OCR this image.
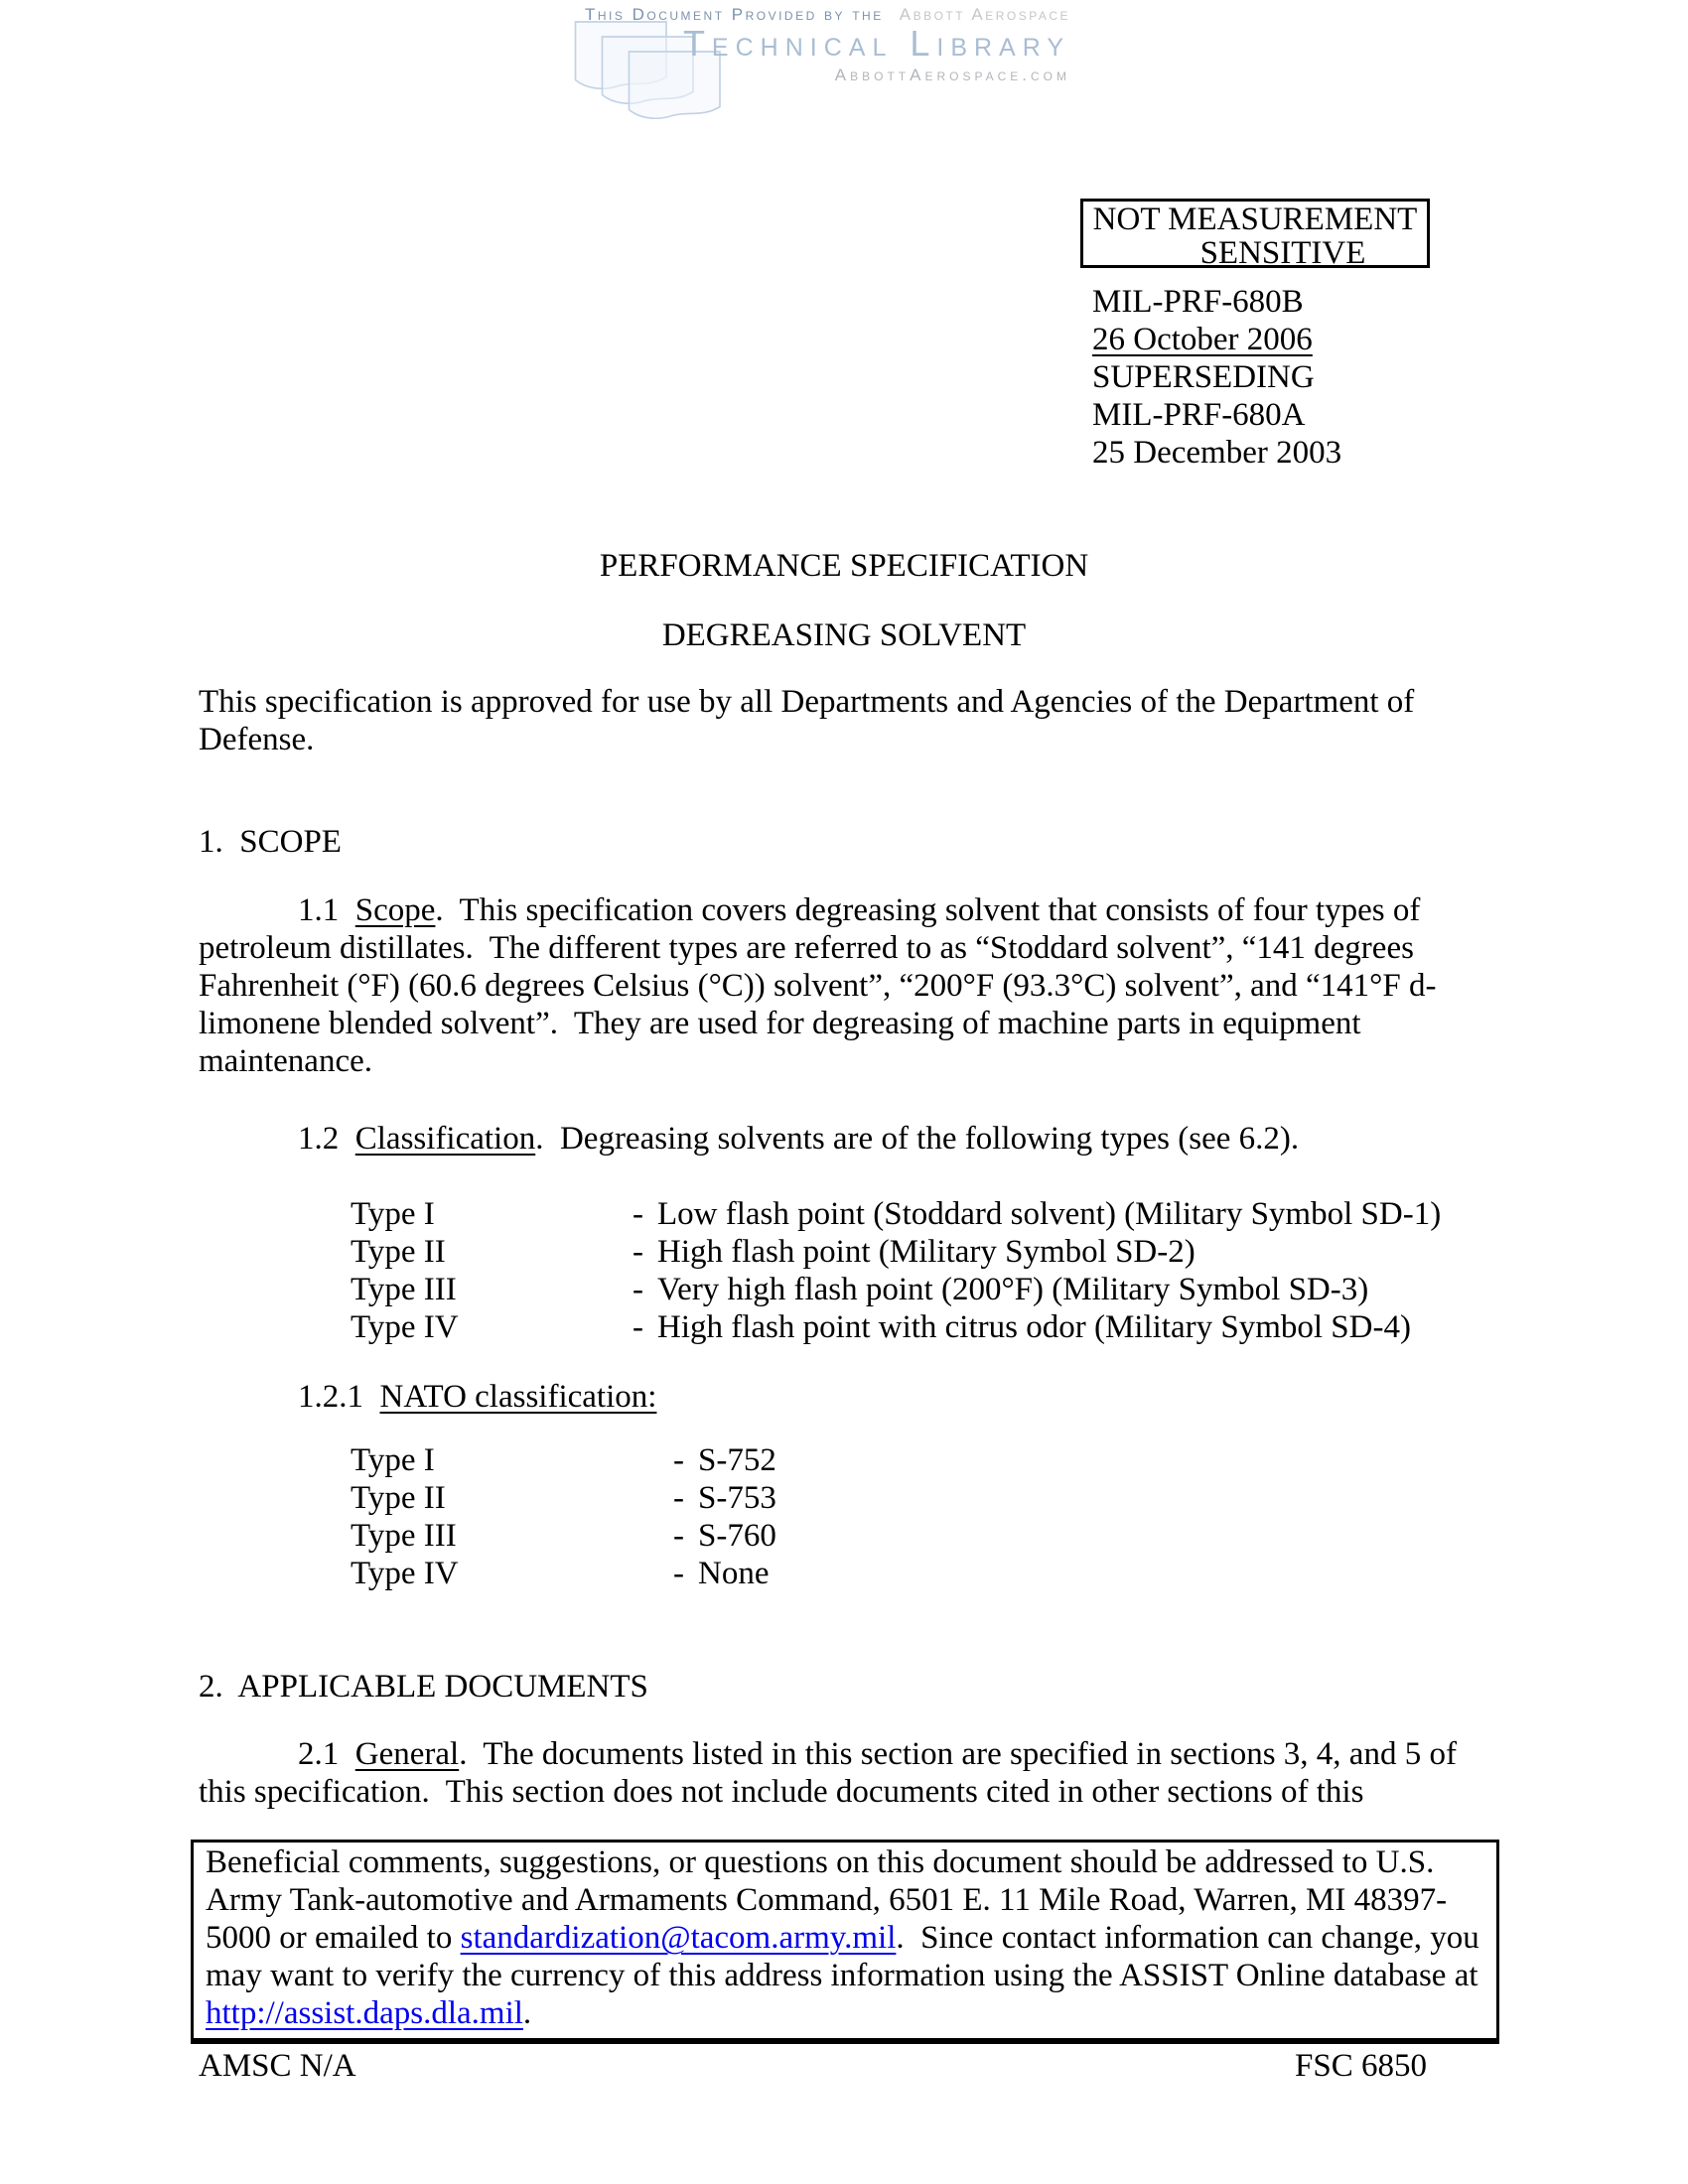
This Document Provided by the Abbott Aerospace
Technical Library
AbbottAerospace.com
NOT MEASUREMENT
SENSITIVE
MIL-PRF-680B
26 October 2006
SUPERSEDING
MIL-PRF-680A
25 December 2003
PERFORMANCE SPECIFICATION
DEGREASING SOLVENT

This specification is approved for use by all Departments and Agencies of the Department of Defense.

1.  SCOPE

1.1  Scope.  This specification covers degreasing solvent that consists of four types of petroleum distillates.  The different types are referred to as “Stoddard solvent”, “141 degrees Fahrenheit (°F) (60.6 degrees Celsius (°C)) solvent”, “200°F (93.3°C) solvent”, and “141°F d-limonene blended solvent”.  They are used for degreasing of machine parts in equipment maintenance.

1.2  Classification.  Degreasing solvents are of the following types (see 6.2).

Type I	- Low flash point (Stoddard solvent) (Military Symbol SD-1)
Type II	- High flash point (Military Symbol SD-2)
Type III	- Very high flash point (200°F) (Military Symbol SD-3)
Type IV	- High flash point with citrus odor (Military Symbol SD-4)

1.2.1  NATO classification:

Type I	- S-752
Type II	- S-753
Type III	- S-760
Type IV	- None
2.  APPLICABLE DOCUMENTS

2.1  General.  The documents listed in this section are specified in sections 3, 4, and 5 of this specification.  This section does not include documents cited in other sections of this

Beneficial comments, suggestions, or questions on this document should be addressed to U.S. Army Tank-automotive and Armaments Command, 6501 E. 11 Mile Road, Warren, MI 48397-5000 or emailed to standardization@tacom.army.mil.  Since contact information can change, you may want to verify the currency of this address information using the ASSIST Online database at http://assist.daps.dla.mil.

AMSC N/A	FSC 6850
